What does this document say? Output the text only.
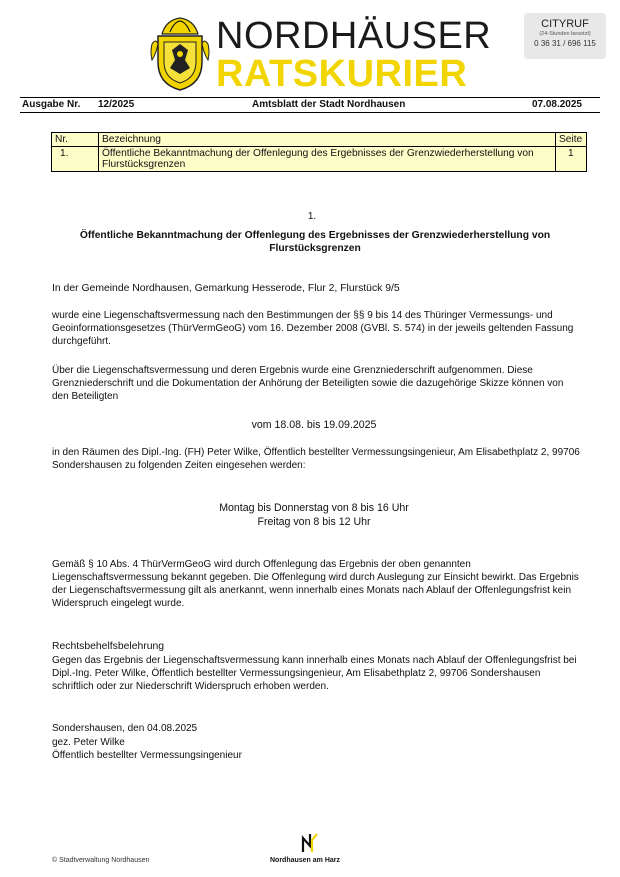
NORDHÄUSER
RATSKURIER
CITYRUF
(24-Stunden besetzt)
0 36 31 / 696 115
Ausgabe Nr. 12/2025	Amtsblatt der Stadt Nordhausen	07.08.2025
Nr.	Bezeichnung	Seite
1.	Öffentliche Bekanntmachung der Offenlegung des Ergebnisses der Grenzwiederherstellung von Flurstücksgrenzen	1
1.
Öffentliche Bekanntmachung der Offenlegung des Ergebnisses der Grenzwiederherstellung von Flurstücksgrenzen
In der Gemeinde Nordhausen, Gemarkung Hesserode, Flur 2, Flurstück 9/5
wurde eine Liegenschaftsvermessung nach den Bestimmungen der §§ 9 bis 14 des Thüringer Vermessungs- und Geoinformationsgesetzes (ThürVermGeoG) vom 16. Dezember 2008 (GVBl. S. 574) in der jeweils geltenden Fassung durchgeführt.
Über die Liegenschaftsvermessung und deren Ergebnis wurde eine Grenzniederschrift aufgenommen. Diese Grenzniederschrift und die Dokumentation der Anhörung der Beteiligten sowie die dazugehörige Skizze können von den Beteiligten
vom 18.08. bis 19.09.2025
in den Räumen des Dipl.-Ing. (FH) Peter Wilke, Öffentlich bestellter Vermessungsingenieur, Am Elisabethplatz 2, 99706 Sondershausen zu folgenden Zeiten eingesehen werden:
Montag bis Donnerstag von 8 bis 16 Uhr
Freitag von 8 bis 12 Uhr
Gemäß § 10 Abs. 4 ThürVermGeoG wird durch Offenlegung das Ergebnis der oben genannten Liegenschaftsvermessung bekannt gegeben. Die Offenlegung wird durch Auslegung zur Einsicht bewirkt. Das Ergebnis der Liegenschaftsvermessung gilt als anerkannt, wenn innerhalb eines Monats nach Ablauf der Offenlegungsfrist kein Widerspruch eingelegt wurde.
Rechtsbehelfsbelehrung
Gegen das Ergebnis der Liegenschaftsvermessung kann innerhalb eines Monats nach Ablauf der Offenlegungsfrist bei Dipl.-Ing. Peter Wilke, Öffentlich bestellter Vermessungsingenieur, Am Elisabethplatz 2, 99706 Sondershausen schriftlich oder zur Niederschrift Widerspruch erhoben werden.
Sondershausen, den 04.08.2025
gez. Peter Wilke
Öffentlich bestellter Vermessungsingenieur
© Stadtverwaltung Nordhausen	Nordhausen am Harz
